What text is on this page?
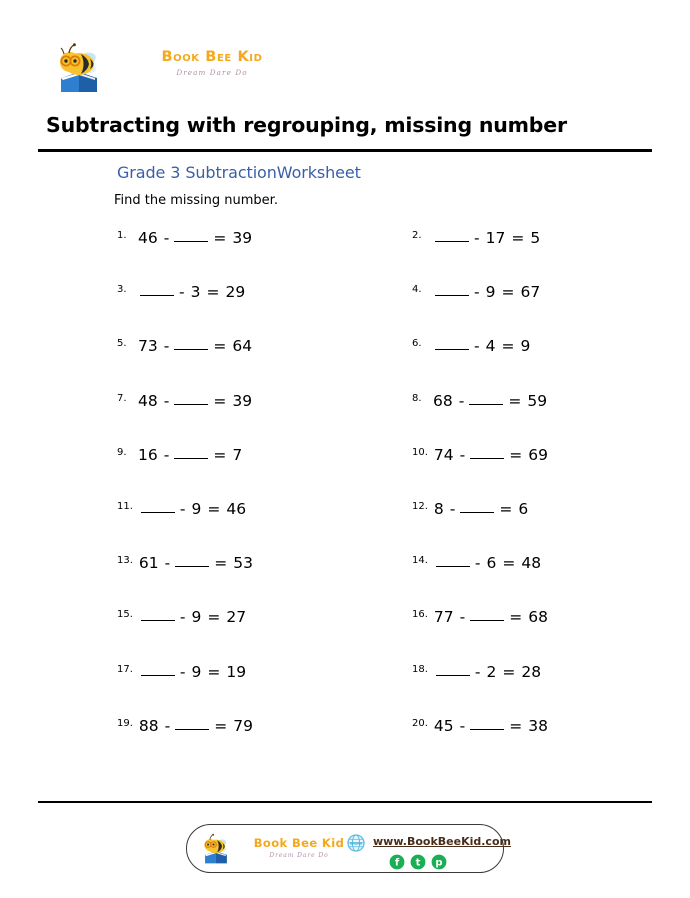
Book Bee Kid
Dream Dare Do
Subtracting with regrouping, missing number
Grade 3 SubtractionWorksheet
Find the missing number.
1. 46 -	= 39	2.	- 17 = 5
3.	- 3 = 29	4.	- 9 = 67
5. 73 -	= 64	6.	- 4 = 9
7. 48 -	= 39	8. 68 -	= 59
9. 16 -	= 7	10. 74 -	= 69
11.	- 9 = 46	12. 8 -	= 6
13. 61 -	= 53	14.	- 6 = 48
15.	- 9 = 27	16. 77 -	= 68
17.	- 9 = 19	18.	- 2 = 28
19. 88 -	= 79	20. 45 -	= 38
Book Bee Kid
Dream Dare Do
www www.BookBeeKid.com
f t p
